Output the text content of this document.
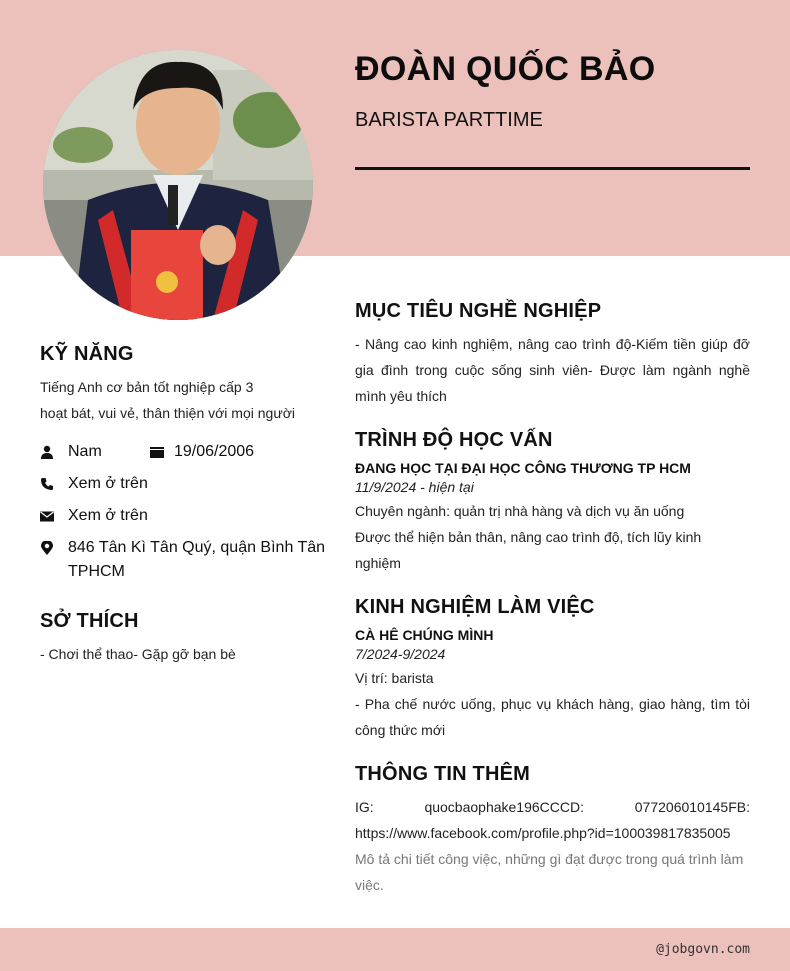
ĐOÀN QUỐC BẢO
BARISTA PARTTIME
KỸ NĂNG
Tiếng Anh cơ bản tốt nghiệp cấp 3
hoạt bát, vui vẻ, thân thiện với mọi người
Nam	19/06/2006
Xem ở trên
Xem ở trên
846 Tân Kì Tân Quý, quận Bình Tân TPHCM
SỞ THÍCH
- Chơi thể thao- Gặp gỡ bạn bè
MỤC TIÊU NGHỀ NGHIỆP
- Nâng cao kinh nghiệm, nâng cao trình độ-Kiếm tiền giúp đỡ gia đình trong cuộc sống sinh viên- Được làm ngành nghề mình yêu thích
TRÌNH ĐỘ HỌC VẤN
ĐANG HỌC TẠI ĐẠI HỌC CÔNG THƯƠNG TP HCM
11/9/2024 - hiện tại
Chuyên ngành: quản trị nhà hàng và dịch vụ ăn uống
Được thể hiện bản thân, nâng cao trình độ, tích lũy kinh nghiệm
KINH NGHIỆM LÀM VIỆC
CÀ HÊ CHÚNG MÌNH
7/2024-9/2024
Vị trí: barista
- Pha chế nước uống, phục vụ khách hàng, giao hàng, tìm tòi công thức mới
THÔNG TIN THÊM
IG:	quocbaophake196CCCD:	077206010145FB:
https://www.facebook.com/profile.php?id=100039817835005
Mô tả chi tiết công việc, những gì đạt được trong quá trình làm việc.
@jobgovn.com
